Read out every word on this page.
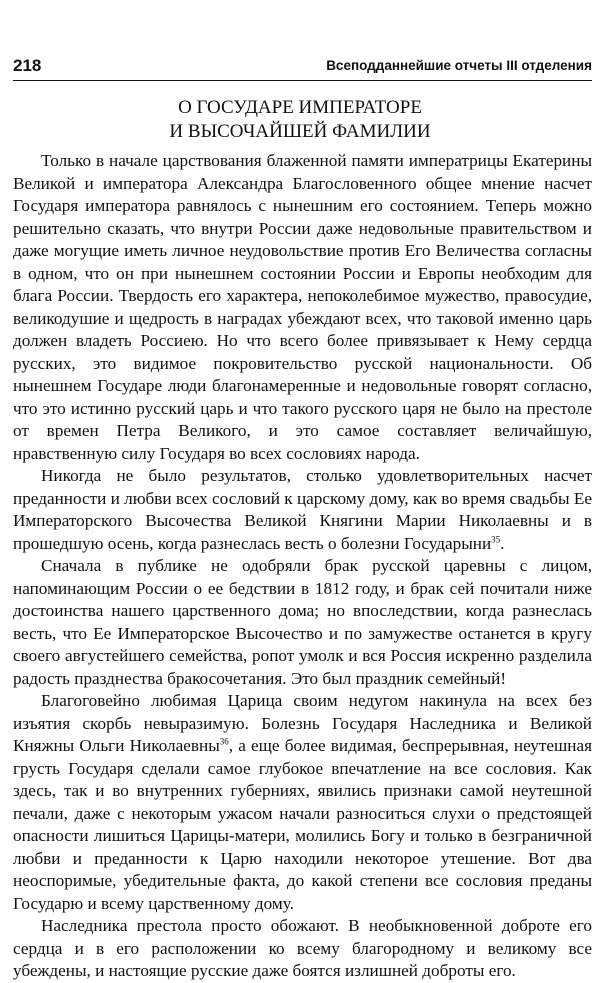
218	Всеподданнейшие отчеты III отделения
О ГОСУДАРЕ ИМПЕРАТОРЕ
И ВЫСОЧАЙШЕЙ ФАМИЛИИ

Только в начале царствования блаженной памяти императрицы Екатерины Великой и императора Александра Благословенного общее мнение насчет Государя императора равнялось с нынешним его состоянием. Теперь можно решительно сказать, что внутри России даже недовольные правительством и даже могущие иметь личное неудовольствие против Его Величества согласны в одном, что он при нынешнем состоянии России и Европы необходим для блага России. Твердость его характера, непоколебимое мужество, правосудие, великодушие и щедрость в наградах убеждают всех, что таковой именно царь должен владеть Россиею. Но что всего более привязывает к Нему сердца русских, это видимое покровительство русской национальности. Об нынешнем Государе люди благонамеренные и недовольные говорят согласно, что это истинно русский царь и что такого русского царя не было на престоле от времен Петра Великого, и это самое составляет величайшую, нравственную силу Государя во всех сословиях народа.

Никогда не было результатов, столько удовлетворительных насчет преданности и любви всех сословий к царскому дому, как во время свадьбы Ее Императорского Высочества Великой Княгини Марии Николаевны и в прошедшую осень, когда разнеслась весть о болезни Государыни$^{35}$.

Сначала в публике не одобряли брак русской царевны с лицом, напоминающим России о ее бедствии в 1812 году, и брак сей почитали ниже достоинства нашего царственного дома; но впоследствии, когда разнеслась весть, что Ее Императорское Высочество и по замужестве останется в кругу своего августейшего семейства, ропот умолк и вся Россия искренно разделила радость празднества бракосочетания. Это был праздник семейный!

Благоговейно любимая Царица своим недугом накинула на всех без изъятия скорбь невыразимую. Болезнь Государя Наследника и Великой Княжны Ольги Николаевны$^{36}$, а еще более видимая, беспрерывная, неутешная грусть Государя сделали самое глубокое впечатление на все сословия. Как здесь, так и во внутренних губерниях, явились признаки самой неутешной печали, даже с некоторым ужасом начали разноситься слухи о предстоящей опасности лишиться Царицы-матери, молились Богу и только в безграничной любви и преданности к Царю находили некоторое утешение. Вот два неоспоримые, убедительные факта, до какой степени все сословия преданы Государю и всему царственному дому.

Наследника престола просто обожают. В необыкновенной доброте его сердца и в его расположении ко всему благородному и великому все убеждены, и настоящие русские даже боятся излишней доброты его.
